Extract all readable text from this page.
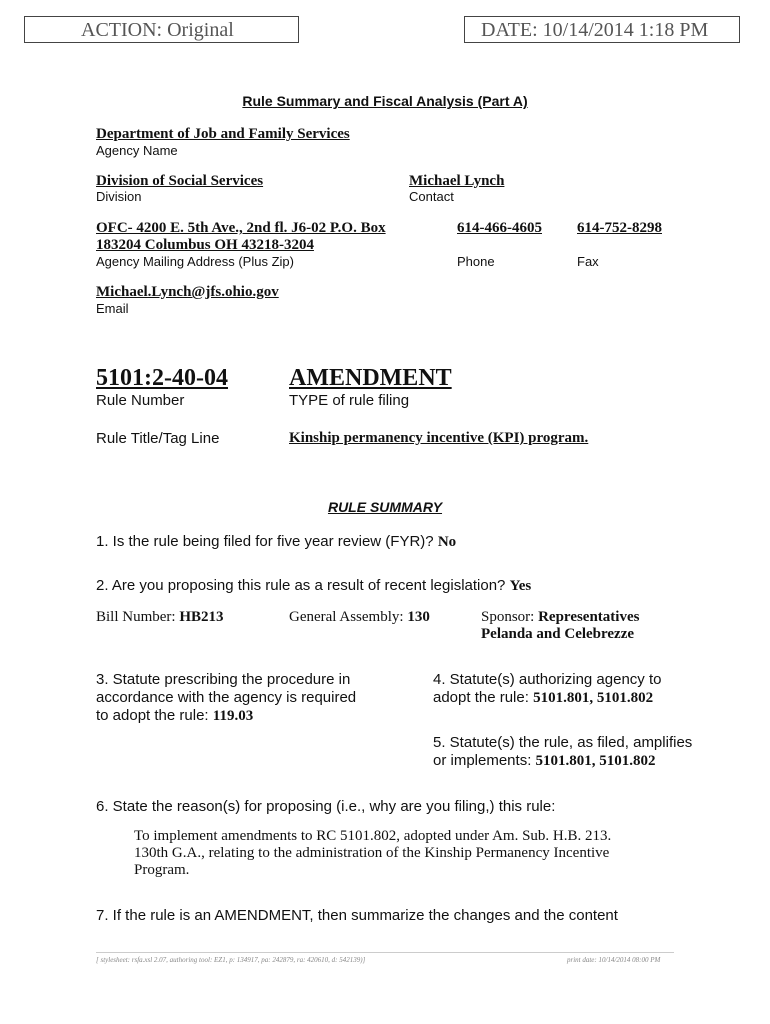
ACTION: Original	DATE: 10/14/2014 1:18 PM
Rule Summary and Fiscal Analysis (Part A)
Department of Job and Family Services
Agency Name
Division of Social Services
Division
Michael Lynch
Contact
OFC- 4200 E. 5th Ave., 2nd fl. J6-02 P.O. Box
183204 Columbus OH 43218-3204
Agency Mailing Address (Plus Zip)
614-466-4605
Phone
614-752-8298
Fax
Michael.Lynch@jfs.ohio.gov
Email
5101:2-40-04	AMENDMENT
Rule Number	TYPE of rule filing
Rule Title/Tag Line	Kinship permanency incentive (KPI) program.
RULE SUMMARY
1. Is the rule being filed for five year review (FYR)? No
2. Are you proposing this rule as a result of recent legislation? Yes
Bill Number: HB213	General Assembly: 130	Sponsor: Representatives
Pelanda and Celebrezze
3. Statute prescribing the procedure in
accordance with the agency is required
to adopt the rule: 119.03
4. Statute(s) authorizing agency to
adopt the rule: 5101.801, 5101.802
5. Statute(s) the rule, as filed, amplifies
or implements: 5101.801, 5101.802
6. State the reason(s) for proposing (i.e., why are you filing,) this rule:
To implement amendments to RC 5101.802, adopted under Am. Sub. H.B. 213.
130th G.A., relating to the administration of the Kinship Permanency Incentive
Program.
7. If the rule is an AMENDMENT, then summarize the changes and the content
[ stylesheet: rsfa.xsl 2.07, authoring tool: EZ1, p: 134917, pa: 242879, ra: 420610, d: 542139)]	print date: 10/14/2014 08:00 PM
